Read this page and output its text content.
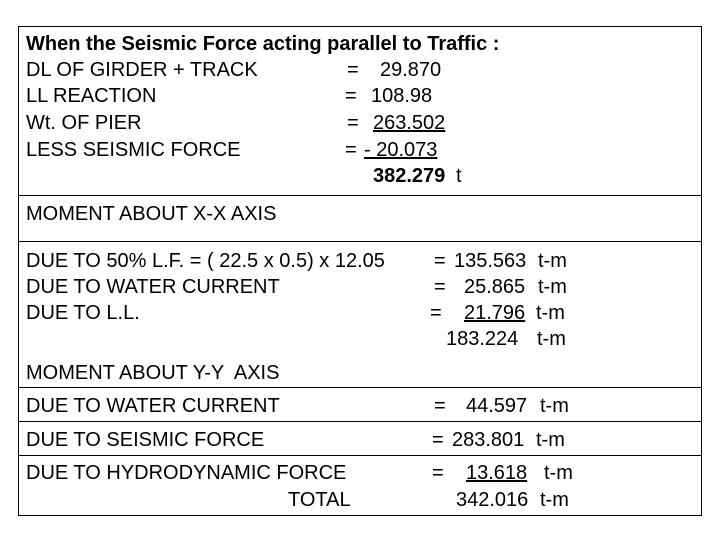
When the Seismic Force acting parallel to Traffic :
DL OF GIRDER + TRACK	= 29.870
LL REACTION	= 108.98
Wt. OF PIER	= 263.502
LESS SEISMIC FORCE	= - 20.073
382.279 t
MOMENT ABOUT X-X AXIS
DUE TO 50% L.F. = ( 22.5 x 0.5) x 12.05 = 135.563 t-m
DUE TO WATER CURRENT	= 25.865 t-m
DUE TO L.L.	= 21.796 t-m
183.224 t-m
MOMENT ABOUT Y-Y  AXIS
DUE TO WATER CURRENT	= 44.597 t-m
DUE TO SEISMIC FORCE	= 283.801 t-m
DUE TO HYDRODYNAMIC FORCE	= 13.618 t-m
TOTAL	342.016 t-m
